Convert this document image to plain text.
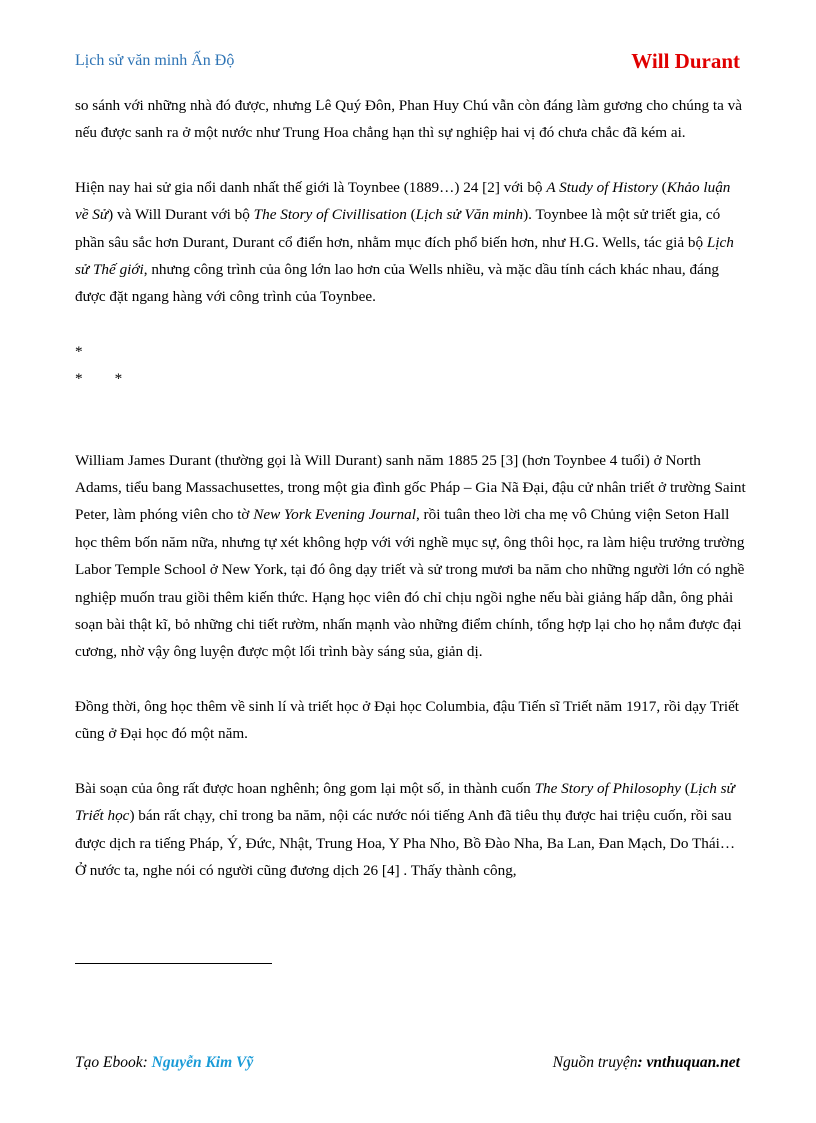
Lịch sử văn minh Ấn Độ	Will Durant

so sánh với những nhà đó được, nhưng Lê Quý Đôn, Phan Huy Chú vẫn còn đáng làm gương cho chúng ta và nếu được sanh ra ở một nước như Trung Hoa chẳng hạn thì sự nghiệp hai vị đó chưa chắc đã kém ai.

Hiện nay hai sử gia nổi danh nhất thế giới là Toynbee (1889…) 24 [2] với bộ A Study of History (Khảo luận về Sử) và Will Durant với bộ The Story of Civillisation (Lịch sử Văn minh). Toynbee là một sử triết gia, có phần sâu sắc hơn Durant, Durant cổ điển hơn, nhằm mục đích phổ biến hơn, như H.G. Wells, tác giả bộ Lịch sử Thế giới, nhưng công trình của ông lớn lao hơn của Wells nhiều, và mặc dầu tính cách khác nhau, đáng được đặt ngang hàng với công trình của Toynbee.

*
* *

William James Durant (thường gọi là Will Durant) sanh năm 1885 25 [3] (hơn Toynbee 4 tuổi) ở North Adams, tiểu bang Massachusettes, trong một gia đình gốc Pháp – Gia Nã Đại, đậu cử nhân triết ở trường Saint Peter, làm phóng viên cho tờ New York Evening Journal, rồi tuân theo lời cha mẹ vô Chủng viện Seton Hall học thêm bốn năm nữa, nhưng tự xét không hợp với với nghề mục sự, ông thôi học, ra làm hiệu trưởng trường Labor Temple School ở New York, tại đó ông dạy triết và sử trong mươi ba năm cho những người lớn có nghề nghiệp muốn trau giồi thêm kiến thức. Hạng học viên đó chỉ chịu ngồi nghe nếu bài giảng hấp dẫn, ông phải soạn bài thật kĩ, bỏ những chi tiết rườm, nhấn mạnh vào những điểm chính, tổng hợp lại cho họ nắm được đại cương, nhờ vậy ông luyện được một lối trình bày sáng sủa, giản dị.

Đồng thời, ông học thêm về sinh lí và triết học ở Đại học Columbia, đậu Tiến sĩ Triết năm 1917, rồi dạy Triết cũng ở Đại học đó một năm.

Bài soạn của ông rất được hoan nghênh; ông gom lại một số, in thành cuốn The Story of Philosophy (Lịch sử Triết học) bán rất chạy, chỉ trong ba năm, nội các nước nói tiếng Anh đã tiêu thụ được hai triệu cuốn, rồi sau được dịch ra tiếng Pháp, Ý, Đức, Nhật, Trung Hoa, Y Pha Nho, Bồ Đào Nha, Ba Lan, Đan Mạch, Do Thái… Ở nước ta, nghe nói có người cũng đương dịch 26 [4] . Thấy thành công,

Tạo Ebook: Nguyễn Kim Vỹ	Nguồn truyện: vnthuquan.net
